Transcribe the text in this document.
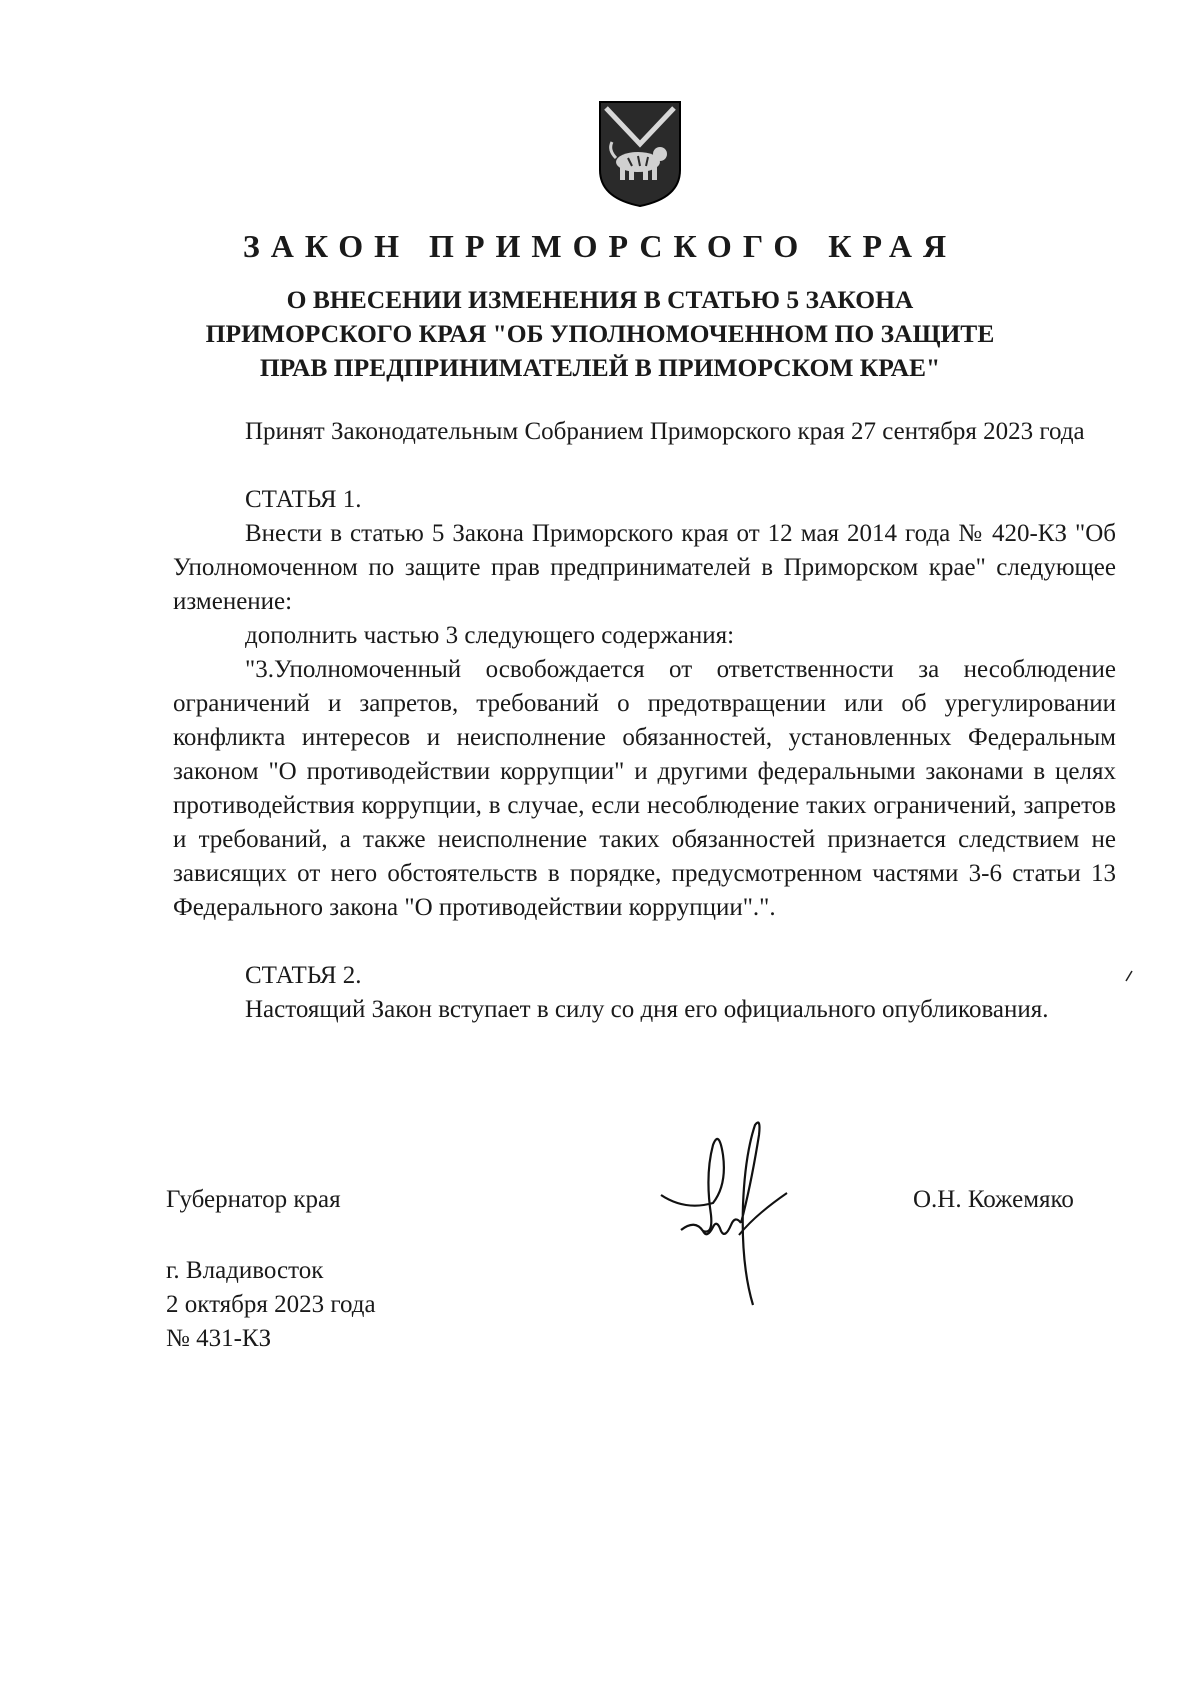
ЗАКОН ПРИМОРСКОГО КРАЯ
О ВНЕСЕНИИ ИЗМЕНЕНИЯ В СТАТЬЮ 5 ЗАКОНА
ПРИМОРСКОГО КРАЯ "ОБ УПОЛНОМОЧЕННОМ ПО ЗАЩИТЕ
ПРАВ ПРЕДПРИНИМАТЕЛЕЙ В ПРИМОРСКОМ КРАЕ"

Принят Законодательным Собранием Приморского края 27 сентября 2023 года

СТАТЬЯ 1.

Внести в статью 5 Закона Приморского края от 12 мая 2014 года № 420-КЗ "Об Уполномоченном по защите прав предпринимателей в Приморском крае" следующее изменение:

дополнить частью 3 следующего содержания:

"3.Уполномоченный освобождается от ответственности за несоблюдение ограничений и запретов, требований о предотвращении или об урегулировании конфликта интересов и неисполнение обязанностей, установленных Федеральным законом "О противодействии коррупции" и другими федеральными законами в целях противодействия коррупции, в случае, если несоблюдение таких ограничений, запретов и требований, а также неисполнение таких обязанностей признается следствием не зависящих от него обстоятельств в порядке, предусмотренном частями 3-6 статьи 13 Федерального закона "О противодействии коррупции".".

СТАТЬЯ 2.

Настоящий Закон вступает в силу со дня его официального опубликования.

Губернатор края	О.Н. Кожемяко
г. Владивосток
2 октября 2023 года
№ 431-КЗ
